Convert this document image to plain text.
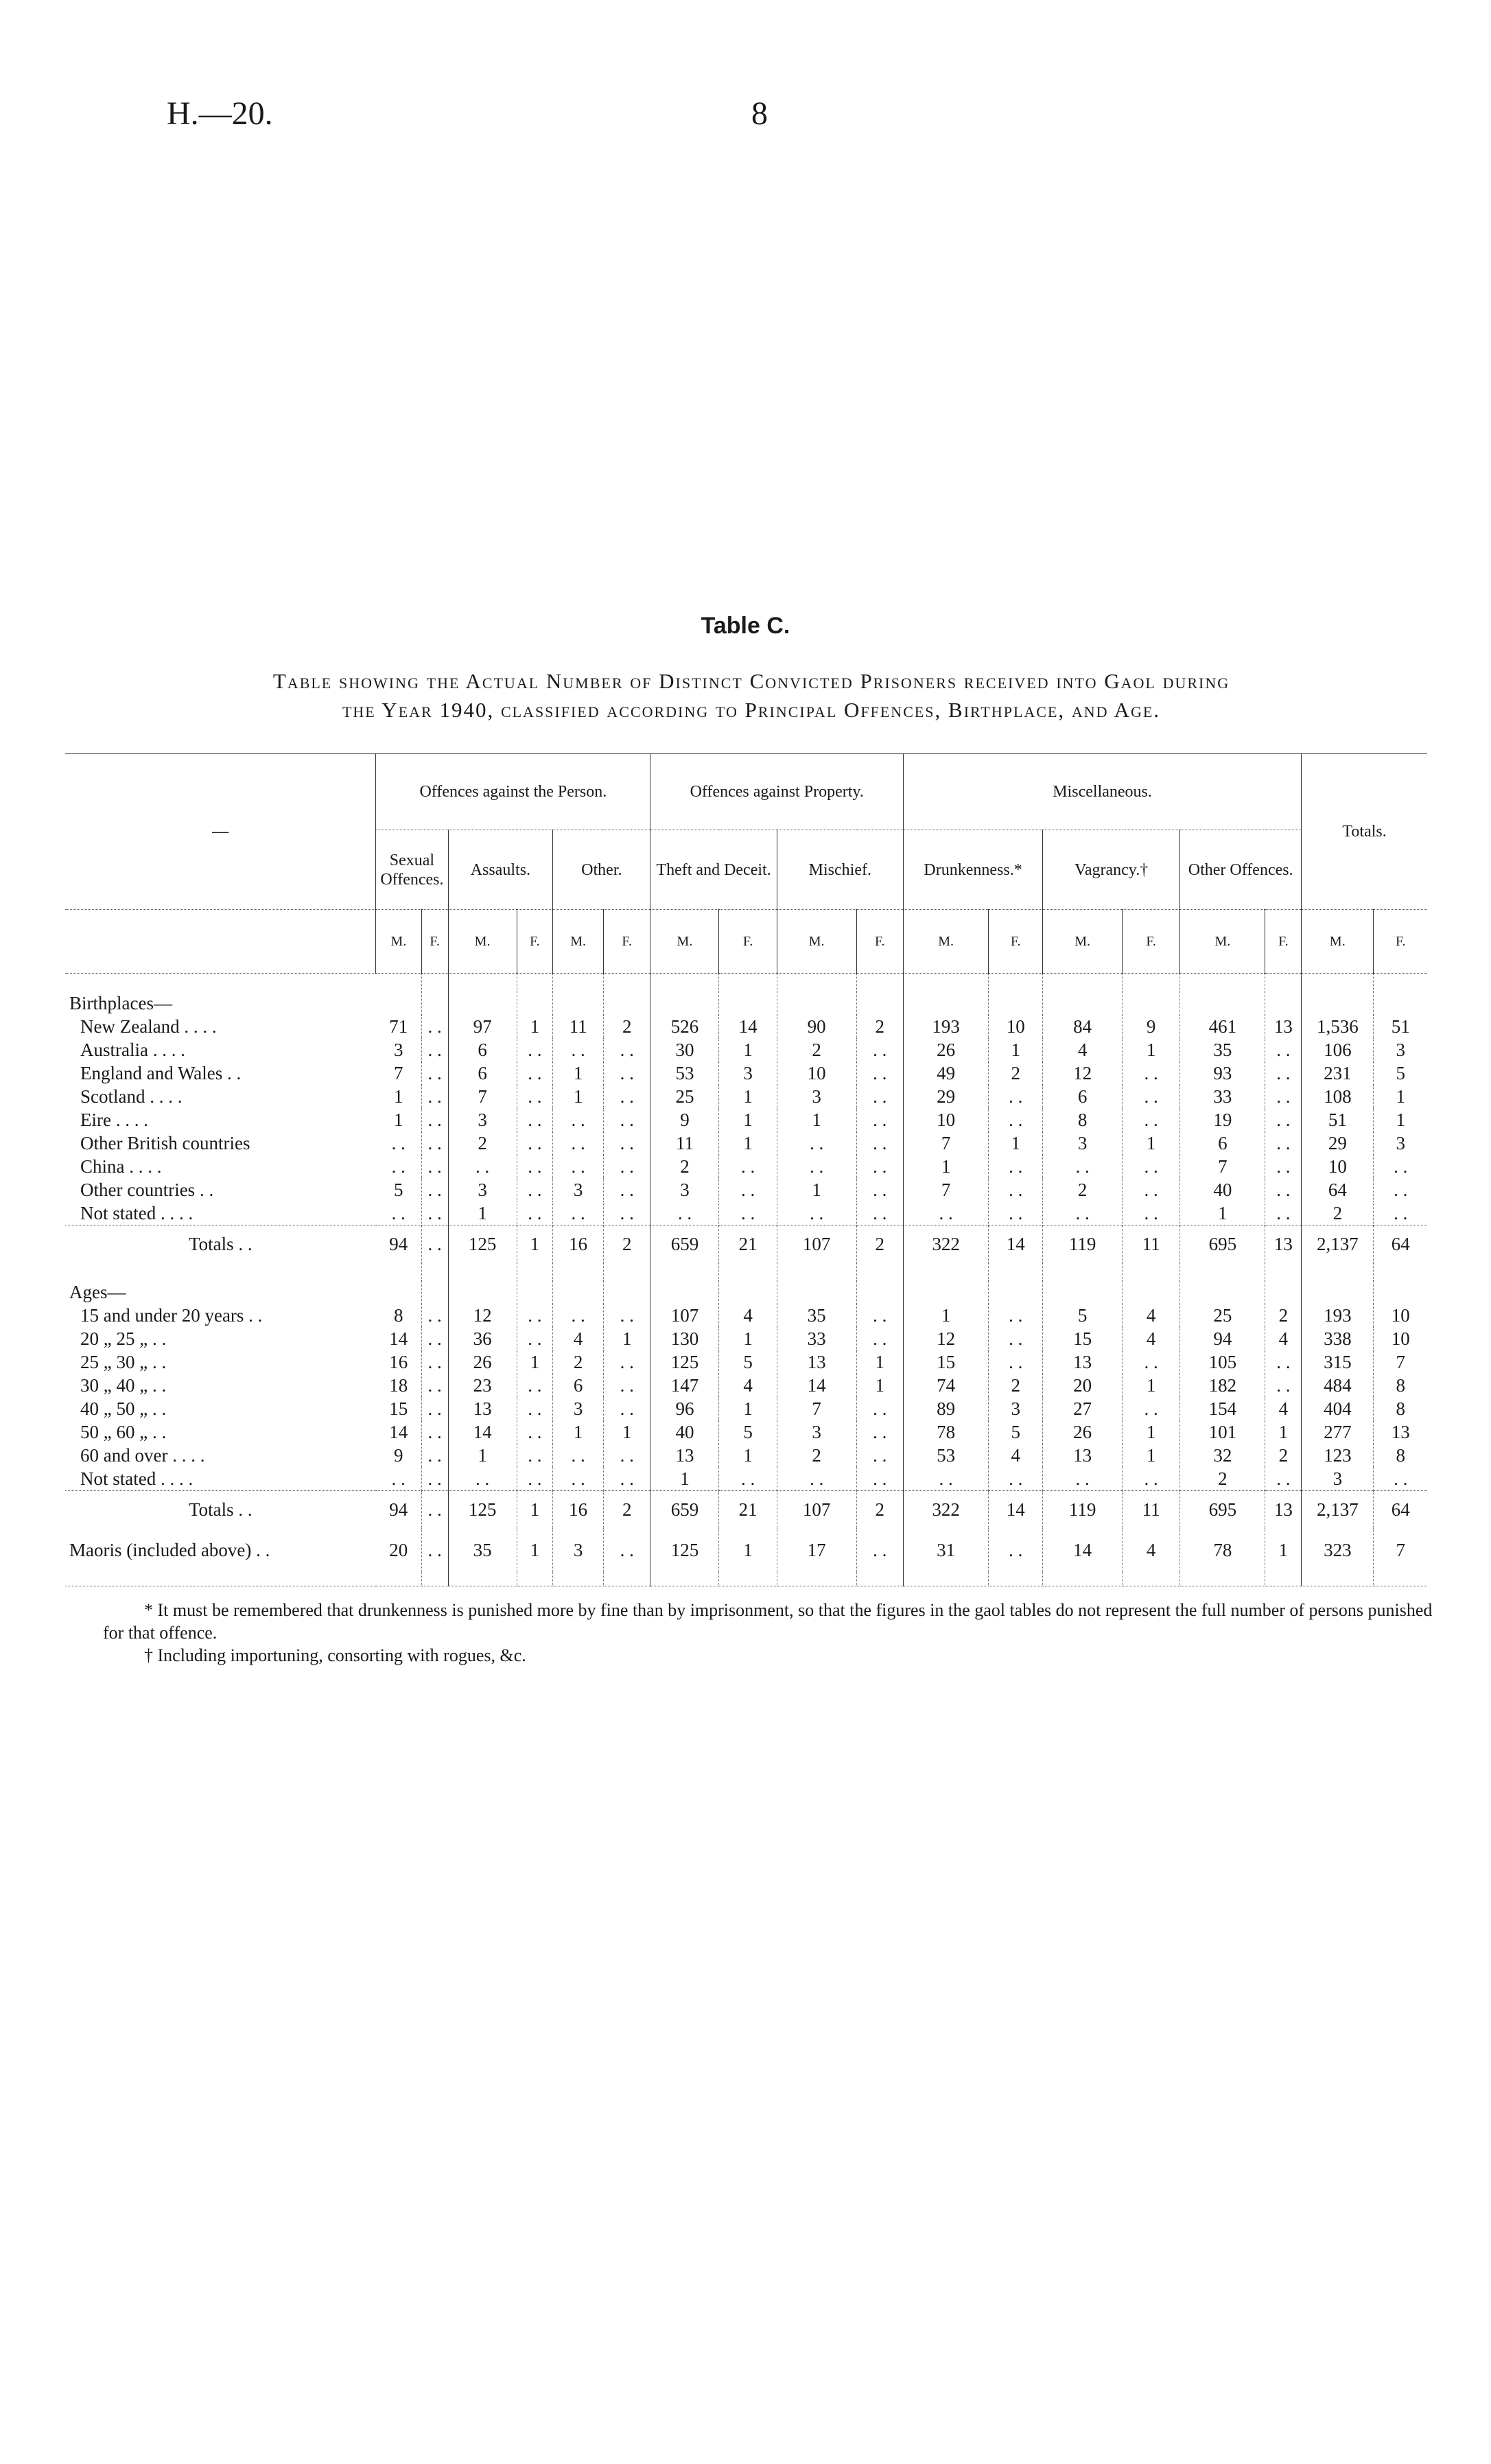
H.—20.	8
Table C.
Table showing the Actual Number of Distinct Convicted Prisoners received into Gaol during
the Year 1940, classified according to Principal Offences, Birthplace, and Age.
—	Offences against the Person.						Offences against Property.				Miscellaneous.						Totals.	
	Sexual Offences.		Assaults.		Other.		Theft and Deceit.		Mischief.		Drunkenness.*		Vagrancy.†		Other Offences.			
	M.	F.	M.	F.	M.	F.	M.	F.	M.	F.	M.	F.	M.	F.	M.	F.	M.	F.

Birthplaces—																		
New Zealand . . . .	71	. .	97	1	11	2	526	14	90	2	193	10	84	9	461	13	1,536	51
Australia . . . .	3	. .	6	. .	. .	. .	30	1	2	. .	26	1	4	1	35	. .	106	3
England and Wales . .	7	. .	6	. .	1	. .	53	3	10	. .	49	2	12	. .	93	. .	231	5
Scotland . . . .	1	. .	7	. .	1	. .	25	1	3	. .	29	. .	6	. .	33	. .	108	1
Eire . . . .	1	. .	3	. .	. .	. .	9	1	1	. .	10	. .	8	. .	19	. .	51	1
Other British countries	. .	. .	2	. .	. .	. .	11	1	. .	. .	7	1	3	1	6	. .	29	3
China . . . .	. .	. .	. .	. .	. .	. .	2	. .	. .	. .	1	. .	. .	. .	7	. .	10	. .
Other countries . .	5	. .	3	. .	3	. .	3	. .	1	. .	7	. .	2	. .	40	. .	64	. .
Not stated . . . .	. .	. .	1	. .	. .	. .	. .	. .	. .	. .	. .	. .	. .	. .	1	. .	2	. .
Totals . .	94	. .	125	1	16	2	659	21	107	2	322	14	119	11	695	13	2,137	64

Ages—																		
15 and under 20 years . .	8	. .	12	. .	. .	. .	107	4	35	. .	1	. .	5	4	25	2	193	10
20 „ 25 „ . .	14	. .	36	. .	4	1	130	1	33	. .	12	. .	15	4	94	4	338	10
25 „ 30 „ . .	16	. .	26	1	2	. .	125	5	13	1	15	. .	13	. .	105	. .	315	7
30 „ 40 „ . .	18	. .	23	. .	6	. .	147	4	14	1	74	2	20	1	182	. .	484	8
40 „ 50 „ . .	15	. .	13	. .	3	. .	96	1	7	. .	89	3	27	. .	154	4	404	8
50 „ 60 „ . .	14	. .	14	. .	1	1	40	5	3	. .	78	5	26	1	101	1	277	13
60 and over . . . .	9	. .	1	. .	. .	. .	13	1	2	. .	53	4	13	1	32	2	123	8
Not stated . . . .	. .	. .	. .	. .	. .	. .	1	. .	. .	. .	. .	. .	. .	. .	2	. .	3	. .
Totals . .	94	. .	125	1	16	2	659	21	107	2	322	14	119	11	695	13	2,137	64
Maoris (included above) . .	20	. .	35	1	3	. .	125	1	17	. .	31	. .	14	4	78	1	323	7

* It must be remembered that drunkenness is punished more by fine than by imprisonment, so that the figures in the gaol tables do not represent the full number of persons punished for that offence.

† Including importuning, consorting with rogues, &c.
